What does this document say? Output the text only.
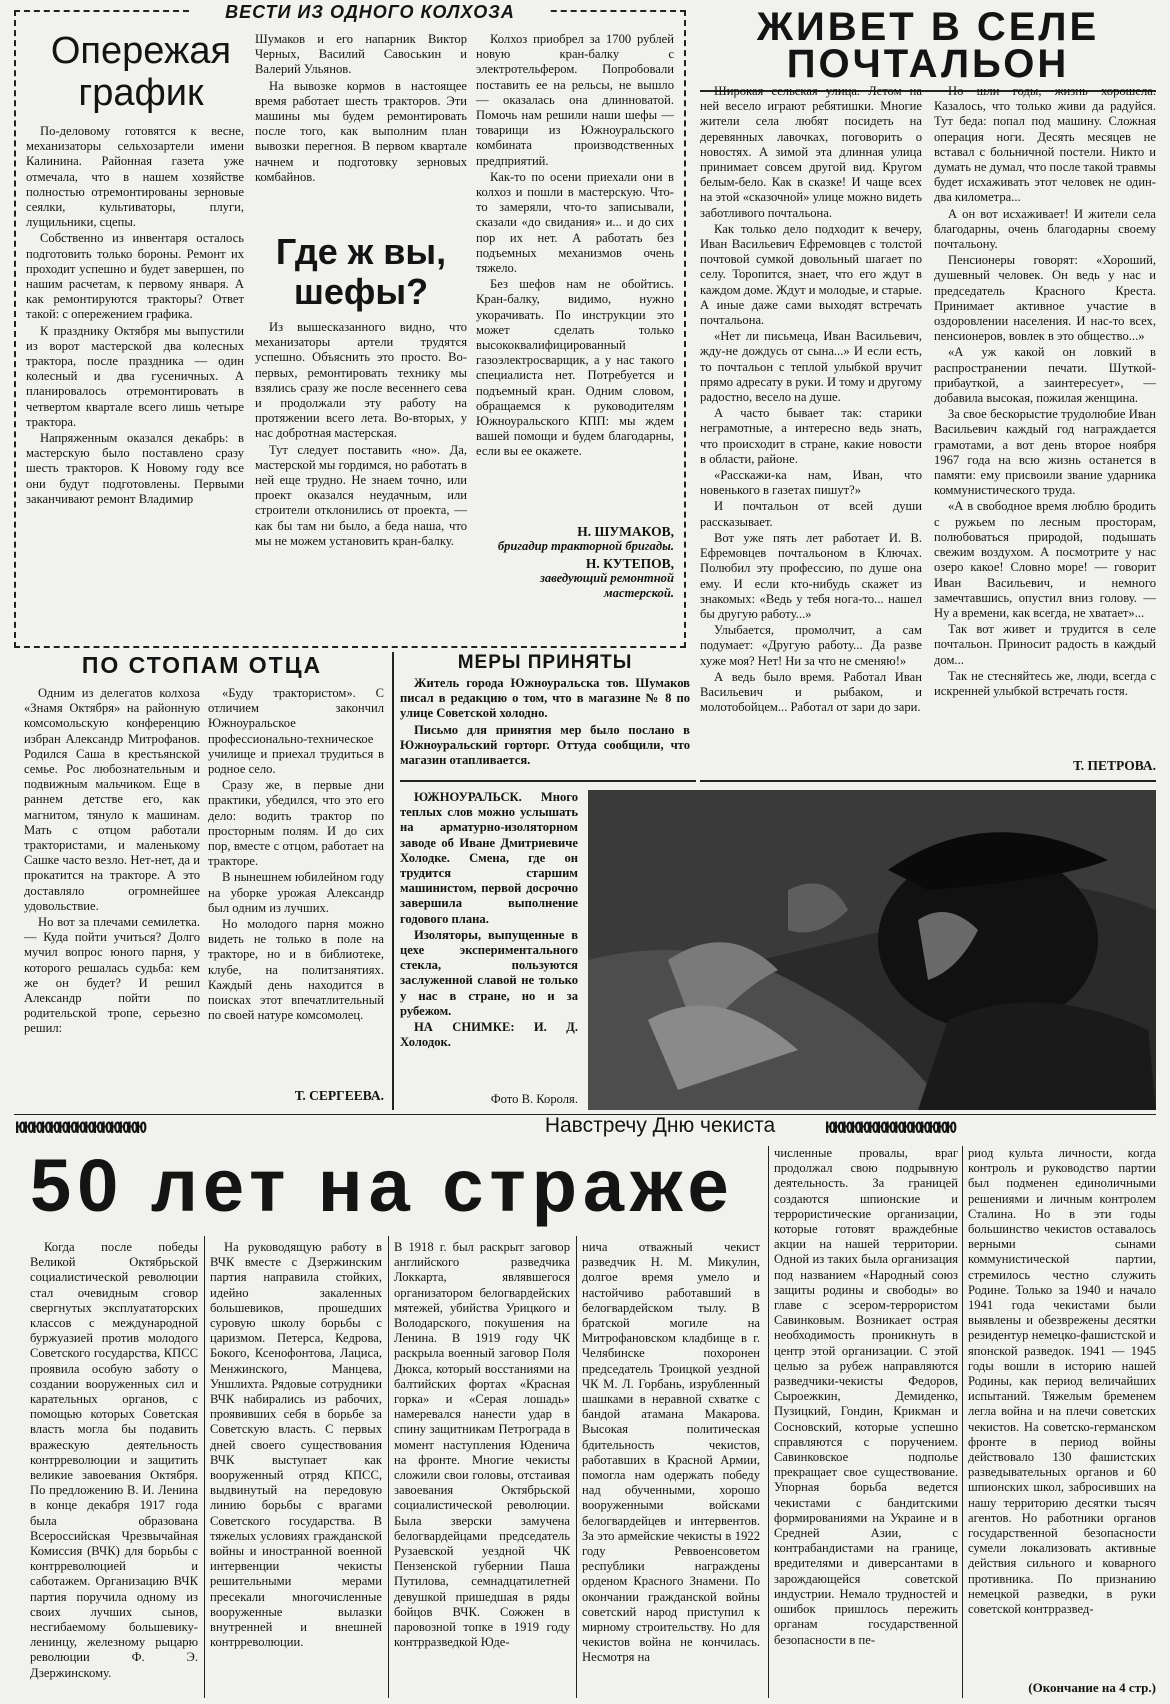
ВЕСТИ ИЗ ОДНОГО КОЛХОЗА
Опережая график

По-деловому готовятся к весне, механизаторы сельхозартели имени Калинина. Районная газета уже отмечала, что в нашем хозяйстве полностью отремонтированы зерновые сеялки, культиваторы, плуги, лущильники, сцепы.

Собственно из инвентаря осталось подготовить только бороны. Ремонт их проходит успешно и будет завершен, по нашим расчетам, к первому января. А как ремонтируются тракторы? Ответ такой: с опережением графика.

К празднику Октября мы выпустили из ворот мастерской два колесных трактора, после праздника — один колесный и два гусеничных. А планировалось отремонтировать в четвертом квартале всего лишь четыре трактора.

Напряженным оказался декабрь: в мастерскую было поставлено сразу шесть тракторов. К Новому году все они будут подготовлены. Первыми заканчивают ремонт Владимир

Шумаков и его напарник Виктор Черных, Василий Савоськин и Валерий Ульянов.

На вывозке кормов в настоящее время работает шесть тракторов. Эти машины мы будем ремонтировать после того, как выполним план вывозки перегноя. В первом квартале начнем и подготовку зерновых комбайнов.

Где ж вы, шефы?

Из вышесказанного видно, что механизаторы артели трудятся успешно. Объяснить это просто. Во-первых, ремонтировать технику мы взялись сразу же после весеннего сева и продолжали эту работу на протяжении всего лета. Во-вторых, у нас добротная мастерская.

Тут следует поставить «но». Да, мастерской мы гордимся, но работать в ней еще трудно. Не знаем точно, или проект оказался неудачным, или строители отклонились от проекта, — как бы там ни было, а беда наша, что мы не можем установить кран-балку.

Колхоз приобрел за 1700 рублей новую кран-балку с электротельфером. Попробовали поставить ее на рельсы, не вышло — оказалась она длинноватой. Помочь нам решили наши шефы — товарищи из Южноуральского комбината производственных предприятий.

Как-то по осени приехали они в колхоз и пошли в мастерскую. Что-то замеряли, что-то записывали, сказали «до свидания» и... и до сих пор их нет. А работать без подъемных механизмов очень тяжело.

Без шефов нам не обойтись. Кран-балку, видимо, нужно укорачивать. По инструкции это может сделать только высококвалифицированный газоэлектросварщик, а у нас такого специалиста нет. Потребуется и подъемный кран. Одним словом, обращаемся к руководителям Южноуральского КПП: мы ждем вашей помощи и будем благодарны, если вы ее окажете.

Н. ШУМАКОВ,
бригадир тракторной бригады.
Н. КУТЕПОВ,
заведующий ремонтной мастерской.
ЖИВЕТ В СЕЛЕ
ПОЧТАЛЬОН

Широкая сельская улица. Летом на ней весело играют ребятишки. Многие жители села любят посидеть на деревянных лавочках, поговорить о новостях. А зимой эта длинная улица принимает совсем другой вид. Кругом белым-бело. Как в сказке! И чаще всех на этой «сказочной» улице можно видеть заботливого почтальона.

Как только дело подходит к вечеру, Иван Васильевич Ефремовцев с толстой почтовой сумкой довольный шагает по селу. Торопится, знает, что его ждут в каждом доме. Ждут и молодые, и старые. А иные даже сами выходят встречать почтальона.

«Нет ли письмеца, Иван Васильевич, жду-не дождусь от сына...» И если есть, то почтальон с теплой улыбкой вручит прямо адресату в руки. И тому и другому радостно, весело на душе.

А часто бывает так: старики неграмотные, а интересно ведь знать, что происходит в стране, какие новости в области, районе.

«Расскажи-ка нам, Иван, что новенького в газетах пишут?»

И почтальон от всей души рассказывает.

Вот уже пять лет работает И. В. Ефремовцев почтальоном в Ключах. Полюбил эту профессию, по душе она ему. И если кто-нибудь скажет из знакомых: «Ведь у тебя нога-то... нашел бы другую работу...»

Улыбается, промолчит, а сам подумает: «Другую работу... Да разве хуже моя? Нет! Ни за что не сменяю!»

А ведь было время. Работал Иван Васильевич и рыбаком, и молотобойцем... Работал от зари до зари.

Но шли годы, жизнь хорошела. Казалось, что только живи да радуйся. Тут беда: попал под машину. Сложная операция ноги. Десять месяцев не вставал с больничной постели. Никто и думать не думал, что после такой травмы будет исхаживать этот человек не один-два километра...

А он вот исхаживает! И жители села благодарны, очень благодарны своему почтальону.

Пенсионеры говорят: «Хороший, душевный человек. Он ведь у нас и председатель Красного Креста. Принимает активное участие в оздоровлении населения. И нас-то всех, пенсионеров, вовлек в это общество...»

«А уж какой он ловкий в распространении печати. Шуткой-прибауткой, а заинтересует», — добавила высокая, пожилая женщина.

За свое бескорыстие трудолюбие Иван Васильевич каждый год награждается грамотами, а вот день второе ноября 1967 года на всю жизнь останется в памяти: ему присвоили звание ударника коммунистического труда.

«А в свободное время люблю бродить с ружьем по лесным просторам, полюбоваться природой, подышать свежим воздухом. А посмотрите у нас озеро какое! Словно море! — говорит Иван Васильевич, и немного замечтавшись, опустил вниз голову. — Ну а времени, как всегда, не хватает»...

Так вот живет и трудится в селе почтальон. Приносит радость в каждый дом...

Так не стесняйтесь же, люди, всегда с искренней улыбкой встречать гостя.

Т. ПЕТРОВА.
ПО СТОПАМ ОТЦА

Одним из делегатов колхоза «Знамя Октября» на районную комсомольскую конференцию избран Александр Митрофанов. Родился Саша в крестьянской семье. Рос любознательным и подвижным мальчиком. Еще в раннем детстве его, как магнитом, тянуло к машинам. Мать с отцом работали трактористами, и маленькому Сашке часто везло. Нет-нет, да и прокатится на тракторе. А это доставляло огромнейшее удовольствие.

Но вот за плечами семилетка. — Куда пойти учиться? Долго мучил вопрос юного парня, у которого решалась судьба: кем же он будет? И решил Александр пойти по родительской тропе, серьезно решил:

«Буду трактористом». С отличием закончил Южноуральское профессионально-техническое училище и приехал трудиться в родное село.

Сразу же, в первые дни практики, убедился, что это его дело: водить трактор по просторным полям. И до сих пор, вместе с отцом, работает на тракторе.

В нынешнем юбилейном году на уборке урожая Александр был одним из лучших.

Но молодого парня можно видеть не только в поле на тракторе, но и в библиотеке, клубе, на политзанятиях. Каждый день находится в поисках этот впечатлительный по своей натуре комсомолец.

Т. СЕРГЕЕВА.
МЕРЫ ПРИНЯТЫ

Житель города Южноуральска тов. Шумаков писал в редакцию о том, что в магазине № 8 по улице Советской холодно.

Письмо для принятия мер было послано в Южноуральский горторг. Оттуда сообщили, что магазин отапливается.

ЮЖНОУРАЛЬСК. Много теплых слов можно услышать на арматурно-изоляторном заводе об Иване Дмитриевиче Холодке. Смена, где он трудится старшим машинистом, первой досрочно завершила выполнение годового плана.

Изоляторы, выпущенные в цехе экспериментального стекла, пользуются заслуженной славой не только у нас в стране, но и за рубежом.

НА СНИМКЕ: И. Д. Холодок.

Фото В. Короля.
ЮЮЮЮЮЮЮЮЮЮЮЮЮЮЮ	Навстречу Дню чекиста	ЮЮЮЮЮЮЮЮЮЮЮЮЮЮЮ
50 лет на страже

Когда после победы Великой Октябрьской социалистической революции стал очевидным сговор свергнутых эксплуататорских классов с международной буржуазией против молодого Советского государства, КПСС проявила особую заботу о создании вооруженных сил и карательных органов, с помощью которых Советская власть могла бы подавить вражескую деятельность контрреволюции и защитить великие завоевания Октября. По предложению В. И. Ленина в конце декабря 1917 года была образована Всероссийская Чрезвычайная Комиссия (ВЧК) для борьбы с контрреволюцией и саботажем. Организацию ВЧК партия поручила одному из своих лучших сынов, несгибаемому большевику-ленинцу, железному рыцарю революции Ф. Э. Дзержинскому.

На руководящую работу в ВЧК вместе с Дзержинским партия направила стойких, идейно закаленных большевиков, прошедших суровую школу борьбы с царизмом. Петерса, Кедрова, Бокого, Ксенофонтова, Лациса, Менжинского, Манцева, Уншлихта. Рядовые сотрудники ВЧК набирались из рабочих, проявивших себя в борьбе за Советскую власть. С первых дней своего существования ВЧК выступает как вооруженный отряд КПСС, выдвинутый на передовую линию борьбы с врагами Советского государства. В тяжелых условиях гражданской войны и иностранной военной интервенции чекисты решительными мерами пресекали многочисленные вооруженные вылазки внутренней и внешней контрреволюции.

В 1918 г. был раскрыт заговор английского разведчика Локкарта, являвшегося организатором белогвардейских мятежей, убийства Урицкого и Володарского, покушения на Ленина. В 1919 году ЧК раскрыла военный заговор Поля Дюкса, который восстаниями на балтийских фортах «Красная горка» и «Серая лошадь» намеревался нанести удар в спину защитникам Петрограда в момент наступления Юденича на фронте. Многие чекисты сложили свои головы, отстаивая завоевания Октябрьской социалистической революции. Была зверски замучена белогвардейцами председатель Рузаевской уездной ЧК Пензенской губернии Паша Путилова, семнадцатилетней девушкой пришедшая в ряды бойцов ВЧК. Сожжен в паровозной топке в 1919 году контрразведкой Юде-

нича отважный чекист разведчик Н. М. Микулин, долгое время умело и настойчиво работавший в белогвардейском тылу. В братской могиле на Митрофановском кладбище в г. Челябинске похоронен председатель Троицкой уездной ЧК М. Л. Горбань, изрубленный шашками в неравной схватке с бандой атамана Макарова. Высокая политическая бдительность чекистов, работавших в Красной Армии, помогла нам одержать победу над обученными, хорошо вооруженными войсками белогвардейцев и интервентов. За это армейские чекисты в 1922 году Реввоенсоветом республики награждены орденом Красного Знамени. По окончании гражданской войны советский народ приступил к мирному строительству. Но для чекистов война не кончилась. Несмотря на

численные провалы, враг продолжал свою подрывную деятельность. За границей создаются шпионские и террористические организации, которые готовят враждебные акции на нашей территории. Одной из таких была организация под названием «Народный союз защиты родины и свободы» во главе с эсером-террористом Савинковым. Возникает острая необходимость проникнуть в центр этой организации. С этой целью за рубеж направляются разведчики-чекисты Федоров, Сыроежкин, Демиденко, Пузицкий, Гондин, Крикман и Сосновский, которые успешно справляются с поручением. Савинковское подполье прекращает свое существование. Упорная борьба ведется чекистами с бандитскими формированиями на Украине и в Средней Азии, с контрабандистами на границе, вредителями и диверсантами в зарождающейся советской индустрии. Немало трудностей и ошибок пришлось пережить органам государственной безопасности в пе-

риод культа личности, когда контроль и руководство партии был подменен единоличными решениями и личным контролем Сталина. Но в эти годы большинство чекистов оставалось верными сынами коммунистической партии, стремилось честно служить Родине. Только за 1940 и начало 1941 года чекистами были выявлены и обезврежены десятки резидентур немецко-фашистской и японской разведок. 1941 — 1945 годы вошли в историю нашей Родины, как период величайших испытаний. Тяжелым бременем легла война и на плечи советских чекистов. На советско-германском фронте в период войны действовало 130 фашистских разведывательных органов и 60 шпионских школ, забросивших на нашу территорию десятки тысяч агентов. Но работники органов государственной безопасности сумели локализовать активные действия сильного и коварного противника. По признанию немецкой разведки, в руки советской контрразвед-

(Окончание на 4 стр.)
